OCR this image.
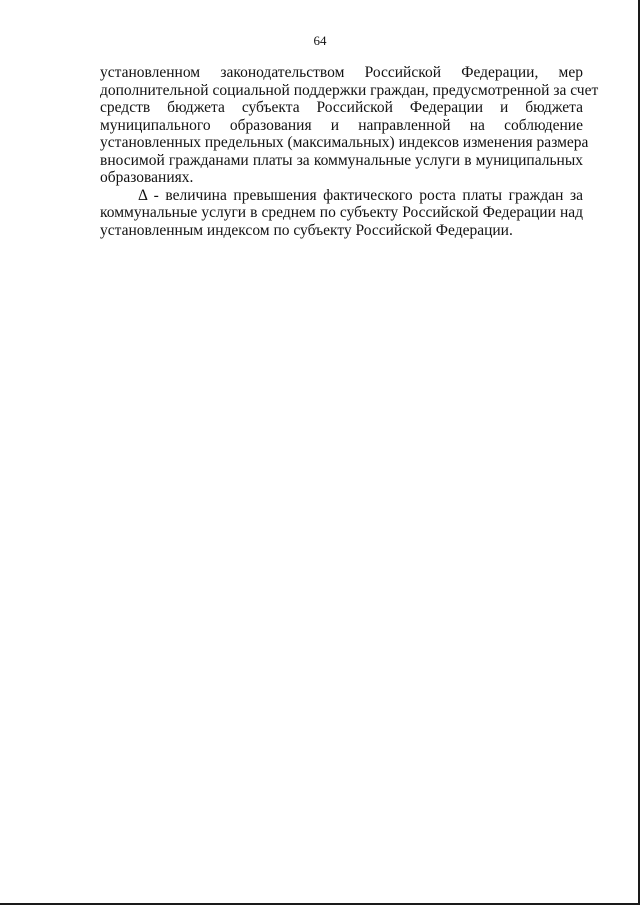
64

установленном законодательством Российской Федерации, мер
дополнительной социальной поддержки граждан, предусмотренной за счет
средств бюджета субъекта Российской Федерации и бюджета
муниципального образования и направленной на соблюдение
установленных предельных (максимальных) индексов изменения размера
вносимой гражданами платы за коммунальные услуги в муниципальных
образованиях.

Δ - величина превышения фактического роста платы граждан за
коммунальные услуги в среднем по субъекту Российской Федерации над
установленным индексом по субъекту Российской Федерации.
